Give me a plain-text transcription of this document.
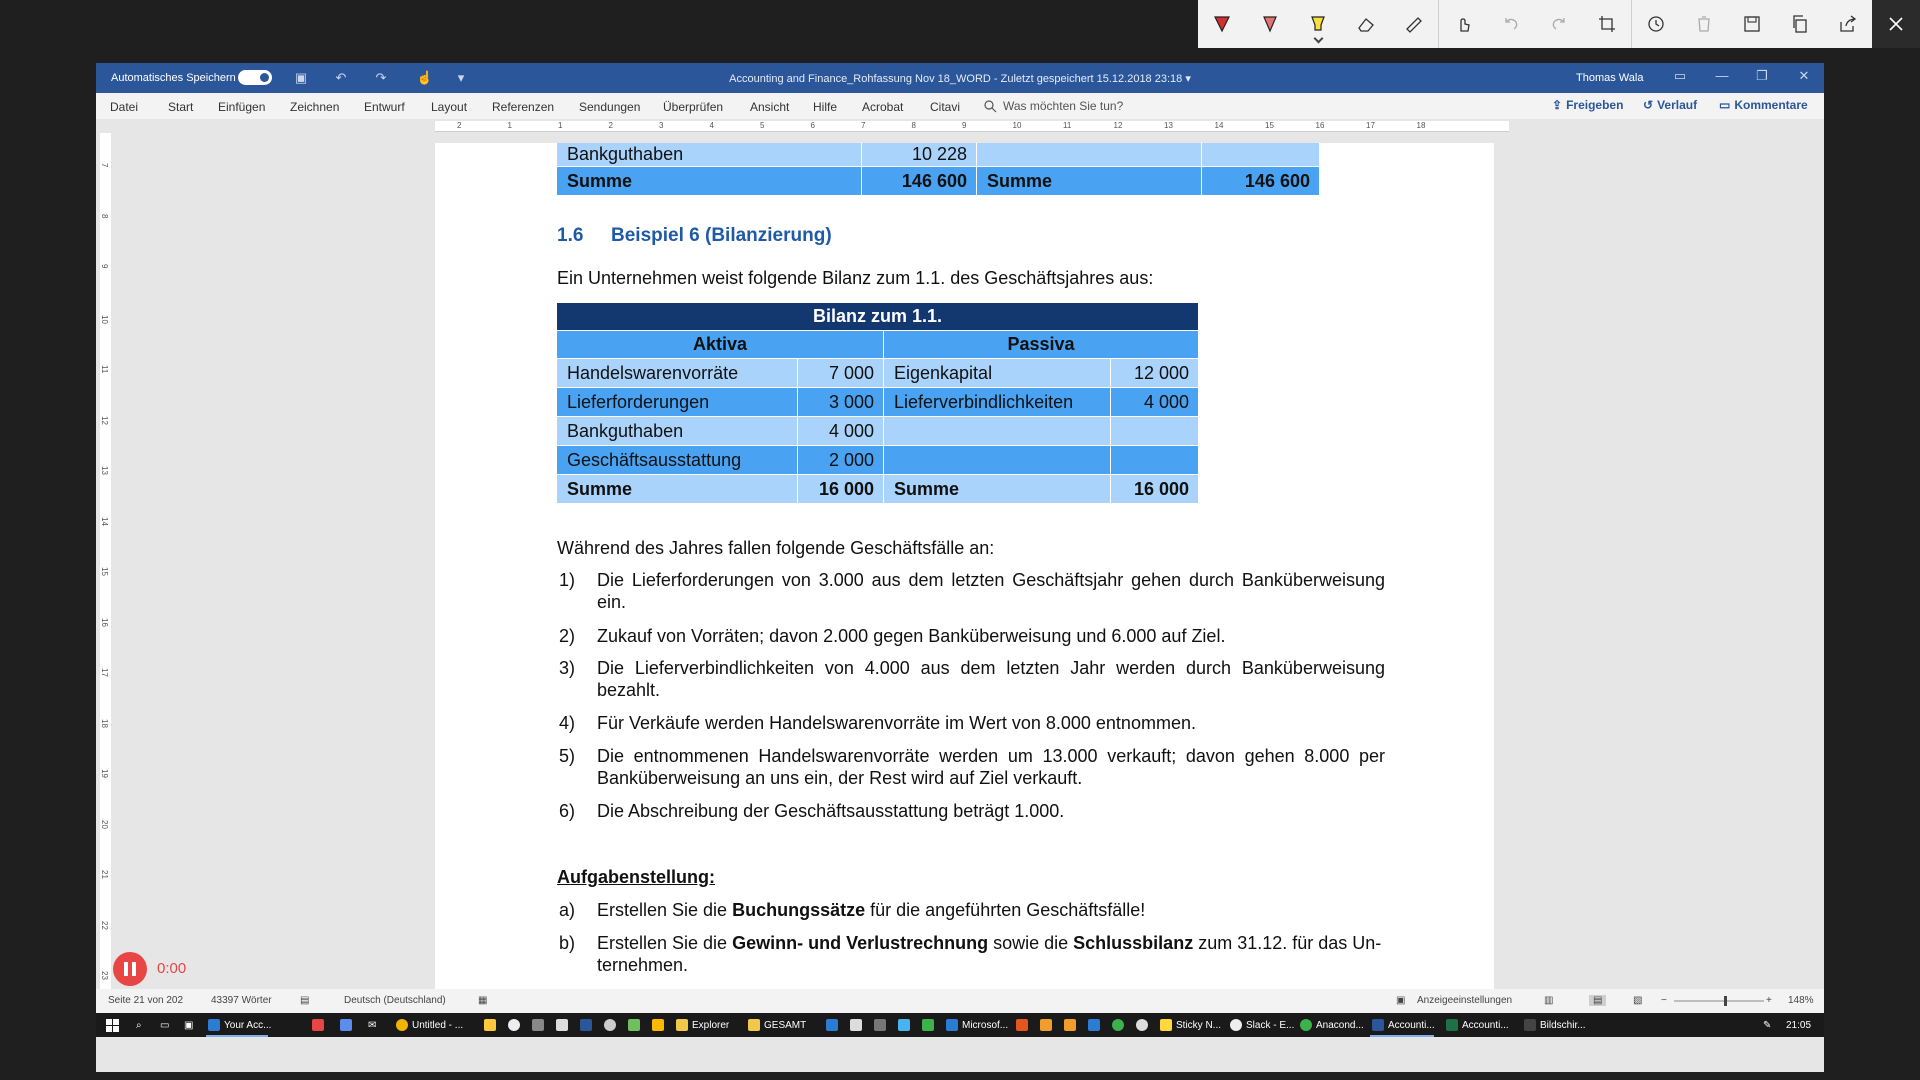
Automatisches Speichern	▣ ↶ ↷ ☝	▾	Accounting and Finance_Rohfassung Nov 18_WORD - Zuletzt gespeichert 15.12.2018 23:18 ▾	Thomas Wala ▭ —	❐	✕
Datei Start Einfügen Zeichnen Entwurf Layout Referenzen Sendungen Überprüfen Ansicht Hilfe Acrobat Citavi	Was möchten Sie tun?	⇪ Freigeben ↺ Verlauf ▭ Kommentare
2	1	1	2	3	4	5	6	7	8	9	10	11	12	13	14	15	16	17	18
7
8
9
10
11
12
13
14
15
16
17
18
19
20
21
22
23
Bankguthaben	10 228
Summe	146 600	Summe	146 600
1.6 Beispiel 6 (Bilanzierung)
Ein Unternehmen weist folgende Bilanz zum 1.1. des Geschäftsjahres aus:
Bilanz zum 1.1.
Aktiva	Passiva
Handelswarenvorräte	7 000	Eigenkapital	12 000
Lieferforderungen	3 000	Lieferverbindlichkeiten	4 000
Bankguthaben	4 000
Geschäftsausstattung	2 000
Summe	16 000	Summe	16 000
Während des Jahres fallen folgende Geschäftsfälle an:
1) Die Lieferforderungen von 3.000 aus dem letzten Geschäftsjahr gehen durch Banküberweisung ein.
2) Zukauf von Vorräten; davon 2.000 gegen Banküberweisung und 6.000 auf Ziel.
3) Die Lieferverbindlichkeiten von 4.000 aus dem letzten Jahr werden durch Banküberweisung bezahlt.
4) Für Verkäufe werden Handelswarenvorräte im Wert von 8.000 entnommen.
5) Die entnommenen Handelswarenvorräte werden um 13.000 verkauft; davon gehen 8.000 per Banküberweisung an uns ein, der Rest wird auf Ziel verkauft.
6) Die Abschreibung der Geschäftsausstattung beträgt 1.000.
Aufgabenstellung:
a) Erstellen Sie die Buchungssätze für die angeführten Geschäftsfälle!
b) Erstellen Sie die Gewinn- und Verlustrechnung sowie die Schlussbilanz zum 31.12. für das Un-
ternehmen.
Seite 21 von 202	43397 Wörter	▤	Deutsch (Deutschland)	▦	▣ Anzeigeeinstellungen	▥	▤	▧ −	+ 148%
⌕ ▭ ▣	Your Acc...	✉	Untitled - ...	Explorer	GESAMT	Microsof...	Sticky N... Slack - E... Anacond... Accounti...	Accounti...	Bildschir...	✎ 21:05
0:00
